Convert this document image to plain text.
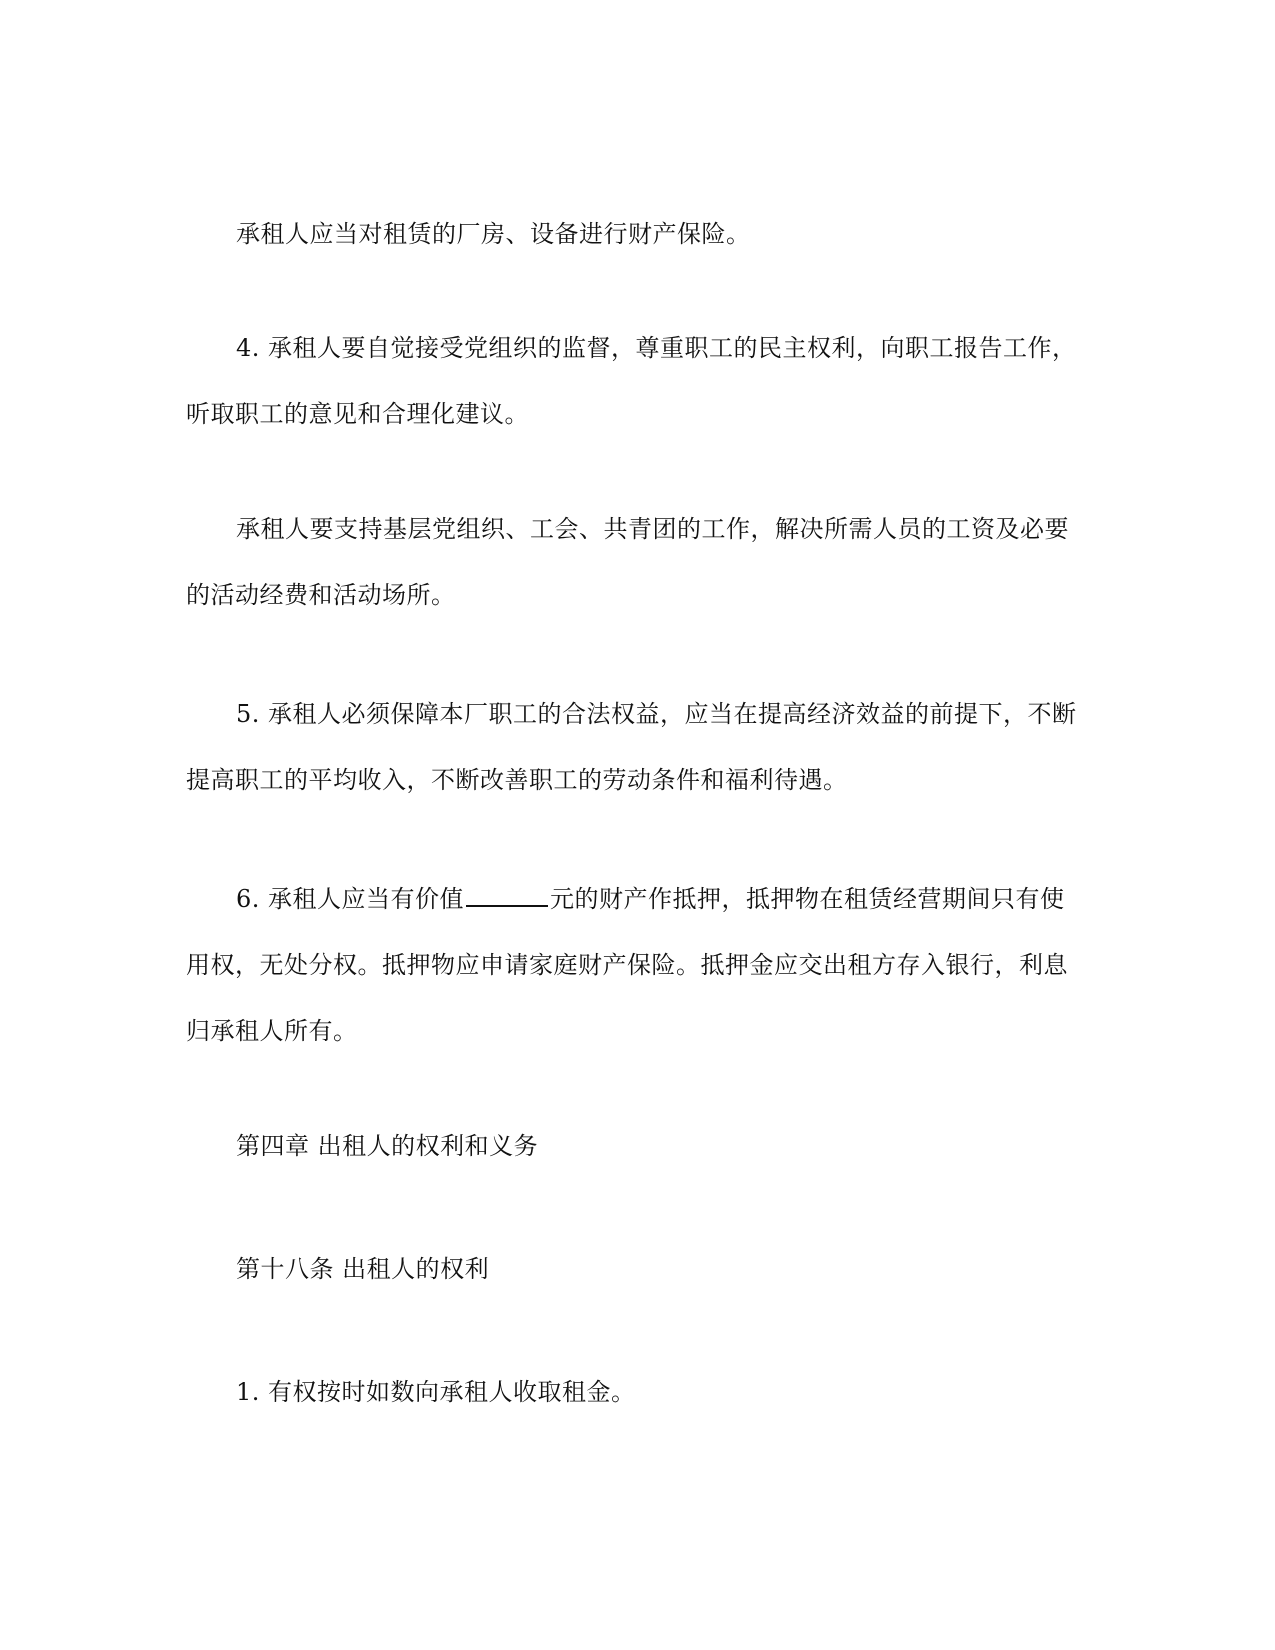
承租人应当对租赁的厂房、设备进行财产保险。

4. 承租人要自觉接受党组织的监督，尊重职工的民主权利，向职工报告工作，听取职工的意见和合理化建议。

承租人要支持基层党组织、工会、共青团的工作，解决所需人员的工资及必要的活动经费和活动场所。

5. 承租人必须保障本厂职工的合法权益，应当在提高经济效益的前提下，不断提高职工的平均收入，不断改善职工的劳动条件和福利待遇。

6. 承租人应当有价值	元的财产作抵押，抵押物在租赁经营期间只有使用权，无处分权。抵押物应申请家庭财产保险。抵押金应交出租方存入银行，利息归承租人所有。

第四章 出租人的权利和义务

第十八条 出租人的权利

1. 有权按时如数向承租人收取租金。
